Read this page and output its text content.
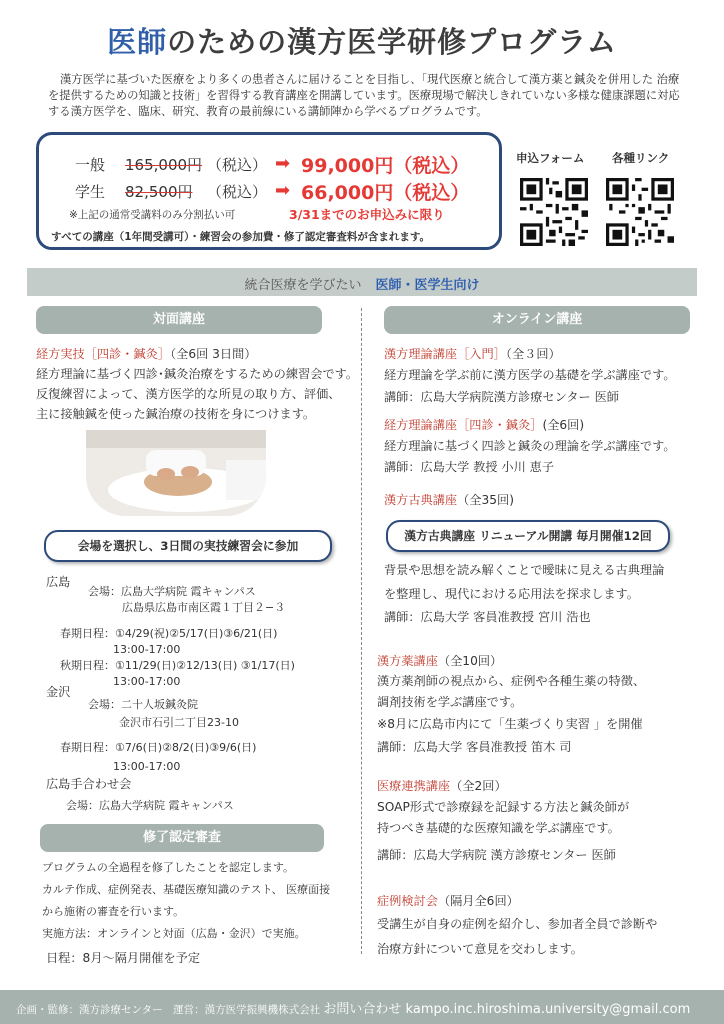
医師のための漢方医学研修プログラム

漢方医学に基づいた医療をより多くの患者さんに届けることを目指し、「現代医療と統合して漢方薬と鍼灸を併用した 治療を提供するための知識と技術」を習得する教育講座を開講しています。医療現場で解決しきれていない多様な健康課題に対応する漢方医学を、臨床、研究、教育の最前線にいる講師陣から学べるプログラムです。

一般 165,000円 （税込） ➡ 99,000円（税込）
学生 82,500円 （税込） ➡ 66,000円（税込）
※上記の通常受講料のみ分割払い可	3/31までのお申込みに限り
すべての講座（1年間受講可）・練習会の参加費・修了認定審査料が含まれます。
申込フォーム 各種リンク
統合医療を学びたい 医師・医学生向け
対面講座
経方実技［四診・鍼灸］（全6回 3日間）
経方理論に基づく四診･鍼灸治療をするための練習会です。
反復練習によって、漢方医学的な所見の取り方、評価、
主に接触鍼を使った鍼治療の技術を身につけます。
会場を選択し、3日間の実技練習会に参加
広島
会場：広島大学病院 霞キャンパス
広島県広島市南区霞１丁目２−３
春期日程：①4/29(祝)②5/17(日)③6/21(日)
13:00-17:00
秋期日程：①11/29(日)②12/13(日) ③1/17(日)
13:00-17:00
金沢
会場：二十人坂鍼灸院
金沢市石引二丁目23-10
春期日程：①7/6(日)②8/2(日)③9/6(日)
13:00-17:00
広島手合わせ会
会場：広島大学病院 霞キャンパス
修了認定審査
プログラムの全過程を修了したことを認定します。
カルテ作成、症例発表、基礎医療知識のテスト、 医療面接
から施術の審査を行います。
実施方法：オンラインと対面（広島・金沢）で実施。
日程：8月〜隔月開催を予定
オンライン講座
漢方理論講座［入門］（全３回）
経方理論を学ぶ前に漢方医学の基礎を学ぶ講座です。
講師：広島大学病院漢方診療センター 医師
経方理論講座［四診・鍼灸］(全6回)
経方理論に基づく四診と鍼灸の理論を学ぶ講座です。
講師：広島大学 教授 小川 恵子
漢方古典講座（全35回)
漢方古典講座 リニューアル開講 毎月開催12回
背景や思想を読み解くことで曖昧に見える古典理論
を整理し、現代における応用法を探求します。
講師：広島大学 客員准教授 宮川 浩也
漢方薬講座（全10回）
漢方薬剤師の視点から、症例や各種生薬の特徴、
調剤技術を学ぶ講座です。
※8月に広島市内にて「生薬づくり実習 」を開催
講師：広島大学 客員准教授 笛木 司
医療連携講座（全2回）
SOAP形式で診療録を記録する方法と鍼灸師が
持つべき基礎的な医療知識を学ぶ講座です。
講師：広島大学病院 漢方診療センター 医師
症例検討会（隔月全6回）
受講生が自身の症例を紹介し、参加者全員で診断や
治療方針について意見を交わします。
企画・監修：漢方診療センター　運営：漢方医学振興機株式会社 お問い合わせ kampo.inc.hiroshima.university@gmail.com
